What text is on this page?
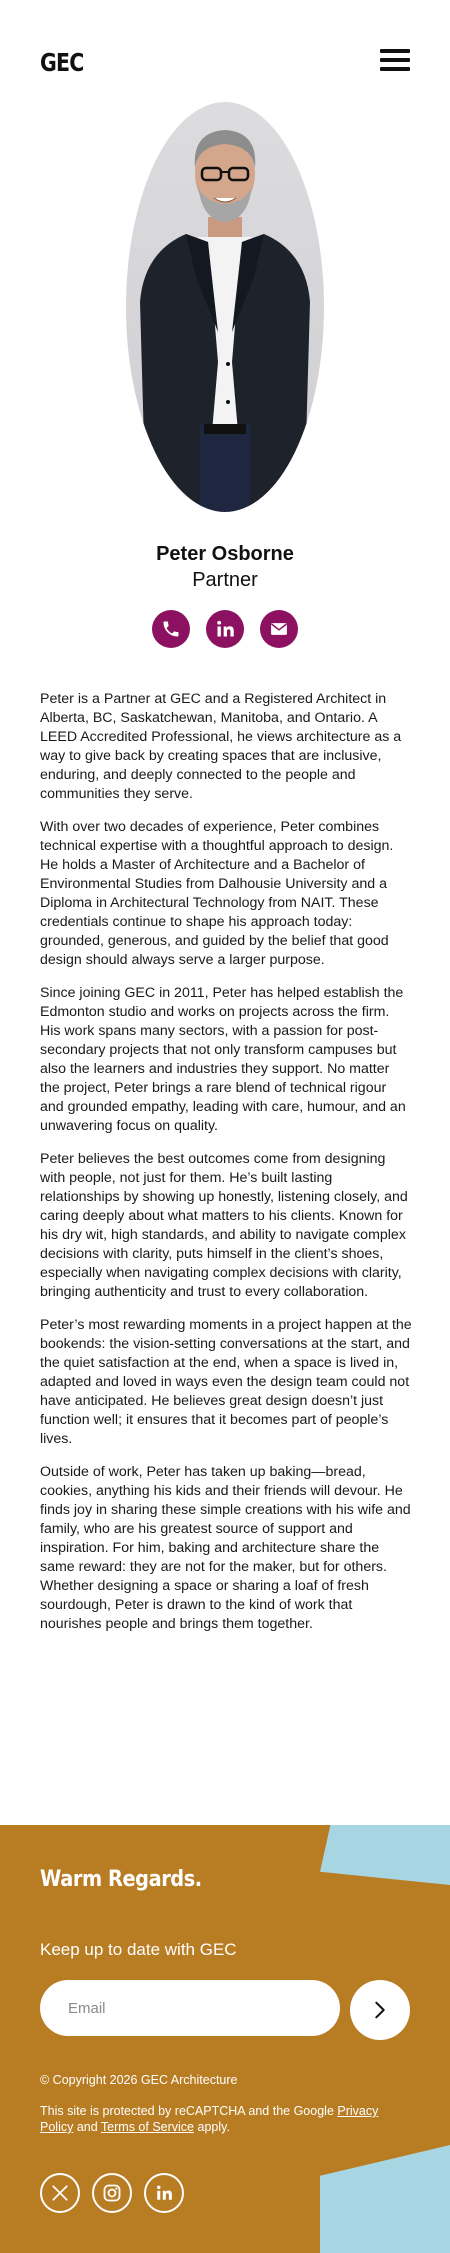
GEC
Peter Osborne
Partner

Peter is a Partner at GEC and a Registered Architect in Alberta, BC, Saskatchewan, Manitoba, and Ontario. A LEED Accredited Professional, he views architecture as a way to give back by creating spaces that are inclusive, enduring, and deeply connected to the people and communities they serve.

With over two decades of experience, Peter combines technical expertise with a thoughtful approach to design. He holds a Master of Architecture and a Bachelor of Environmental Studies from Dalhousie University and a Diploma in Architectural Technology from NAIT. These credentials continue to shape his approach today: grounded, generous, and guided by the belief that good design should always serve a larger purpose.

Since joining GEC in 2011, Peter has helped establish the Edmonton studio and works on projects across the firm. His work spans many sectors, with a passion for post-secondary projects that not only transform campuses but also the learners and industries they support. No matter the project, Peter brings a rare blend of technical rigour and grounded empathy, leading with care, humour, and an unwavering focus on quality.

Peter believes the best outcomes come from designing with people, not just for them. He’s built lasting relationships by showing up honestly, listening closely, and caring deeply about what matters to his clients. Known for his dry wit, high standards, and ability to navigate complex decisions with clarity, puts himself in the client’s shoes, especially when navigating complex decisions with clarity, bringing authenticity and trust to every collaboration.

Peter’s most rewarding moments in a project happen at the bookends: the vision-setting conversations at the start, and the quiet satisfaction at the end, when a space is lived in, adapted and loved in ways even the design team could not have anticipated. He believes great design doesn’t just function well; it ensures that it becomes part of people’s lives.

Outside of work, Peter has taken up baking—bread, cookies, anything his kids and their friends will devour. He finds joy in sharing these simple creations with his wife and family, who are his greatest source of support and inspiration. For him, baking and architecture share the same reward: they are not for the maker, but for others. Whether designing a space or sharing a loaf of fresh sourdough, Peter is drawn to the kind of work that nourishes people and brings them together.

Warm Regards.
Keep up to date with GEC
Email
© Copyright 2026 GEC Architecture
This site is protected by reCAPTCHA and the Google Privacy Policy and Terms of Service apply.
